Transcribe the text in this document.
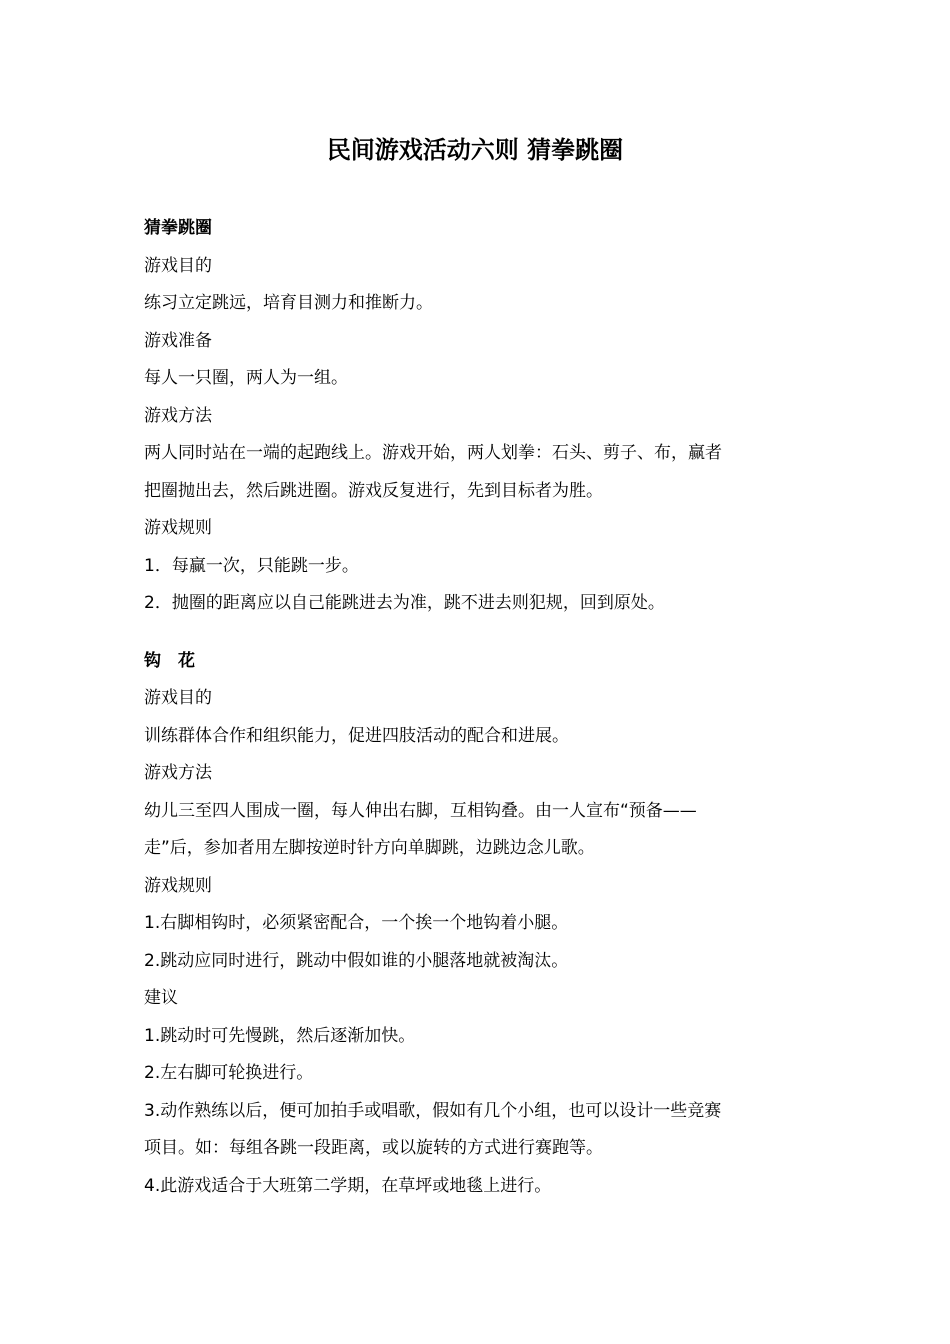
民间游戏活动六则 猜拳跳圈

猜拳跳圈

游戏目的

练习立定跳远，培育目测力和推断力。

游戏准备

每人一只圈，两人为一组。

游戏方法

两人同时站在一端的起跑线上。游戏开始，两人划拳：石头、剪子、布，赢者

把圈抛出去，然后跳进圈。游戏反复进行，先到目标者为胜。

游戏规则

1．每赢一次，只能跳一步。

2．抛圈的距离应以自己能跳进去为准，跳不进去则犯规，回到原处。

钩　花

游戏目的

训练群体合作和组织能力，促进四肢活动的配合和进展。

游戏方法

幼儿三至四人围成一圈，每人伸出右脚，互相钩叠。由一人宣布“预备——

走”后，参加者用左脚按逆时针方向单脚跳，边跳边念儿歌。

游戏规则

1.右脚相钩时，必须紧密配合，一个挨一个地钩着小腿。

2.跳动应同时进行，跳动中假如谁的小腿落地就被淘汰。

建议

1.跳动时可先慢跳，然后逐渐加快。

2.左右脚可轮换进行。

3.动作熟练以后，便可加拍手或唱歌，假如有几个小组，也可以设计一些竞赛

项目。如：每组各跳一段距离，或以旋转的方式进行赛跑等。

4.此游戏适合于大班第二学期，在草坪或地毯上进行。
